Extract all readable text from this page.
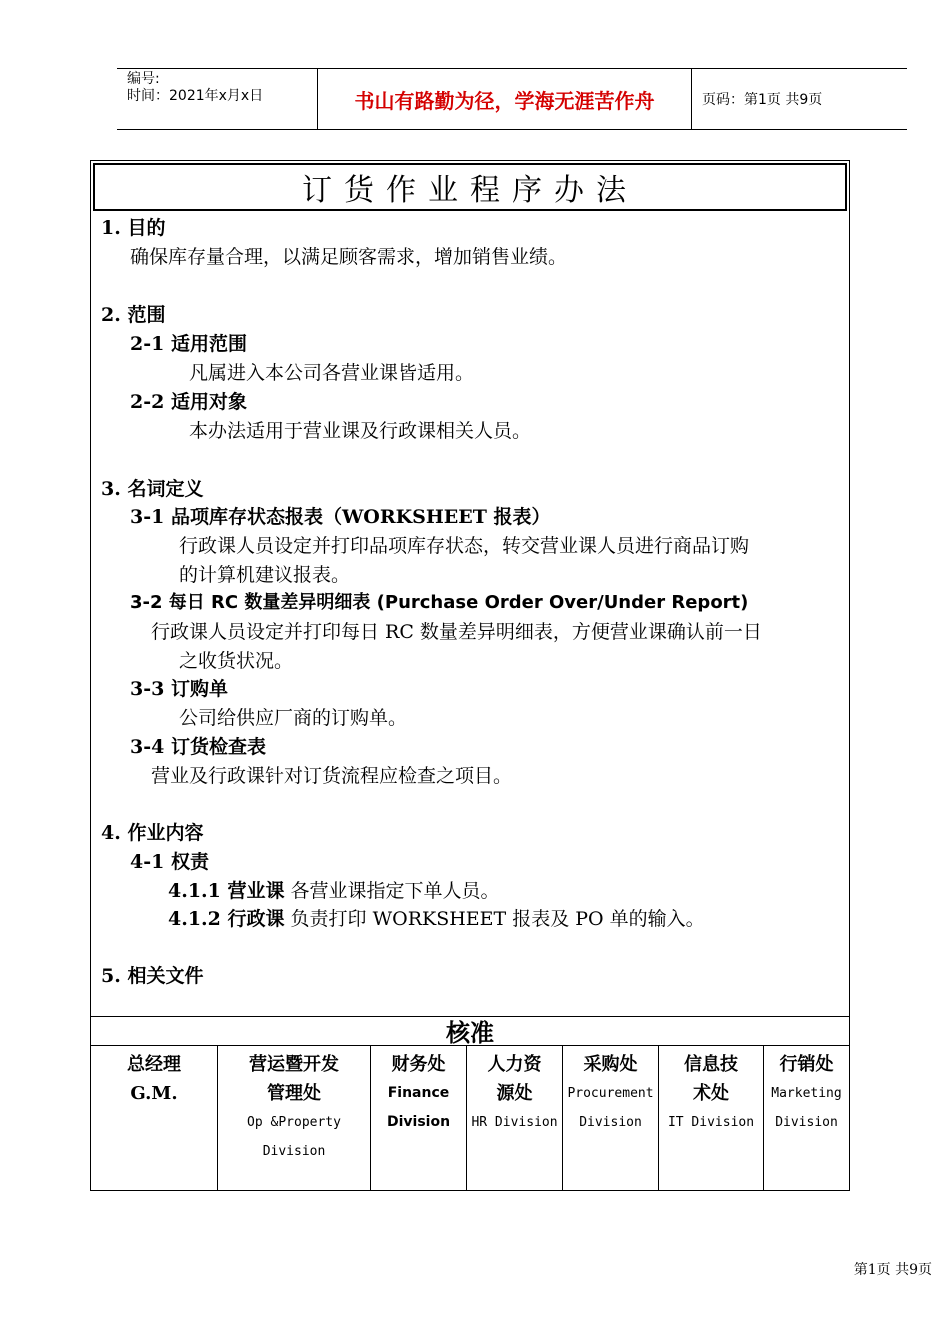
编号:
时间：2021年x月x日	书山有路勤为径，学海无涯苦作舟	页码：第1页 共9页
订货作业程序办法
1. 目的
确保库存量合理，以满足顾客需求，增加销售业绩。
2. 范围
2-1 适用范围
凡属进入本公司各营业课皆适用。
2-2 适用对象
本办法适用于营业课及行政课相关人员。
3. 名词定义
3-1 品项库存状态报表（WORKSHEET 报表）
行政课人员设定并打印品项库存状态，转交营业课人员进行商品订购
的计算机建议报表。
3-2 每日 RC 数量差异明细表 (Purchase Order Over/Under Report)
行政课人员设定并打印每日 RC 数量差异明细表，方便营业课确认前一日
之收货状况。
3-3 订购单
公司给供应厂商的订购单。
3-4 订货检查表
营业及行政课针对订货流程应检查之项目。
4. 作业内容
4-1 权责
4.1.1 营业课 各营业课指定下单人员。
4.1.2 行政课 负责打印 WORKSHEET 报表及 PO 单的输入。
5. 相关文件
核准
总经理
G.M.
营运暨开发
管理处
Op &Property
Division
财务处
Finance
Division
人力资
源处
HR Division
采购处
Procurement
Division
信息技
术处
IT Division
行销处
Marketing
Division
第1页 共9页
